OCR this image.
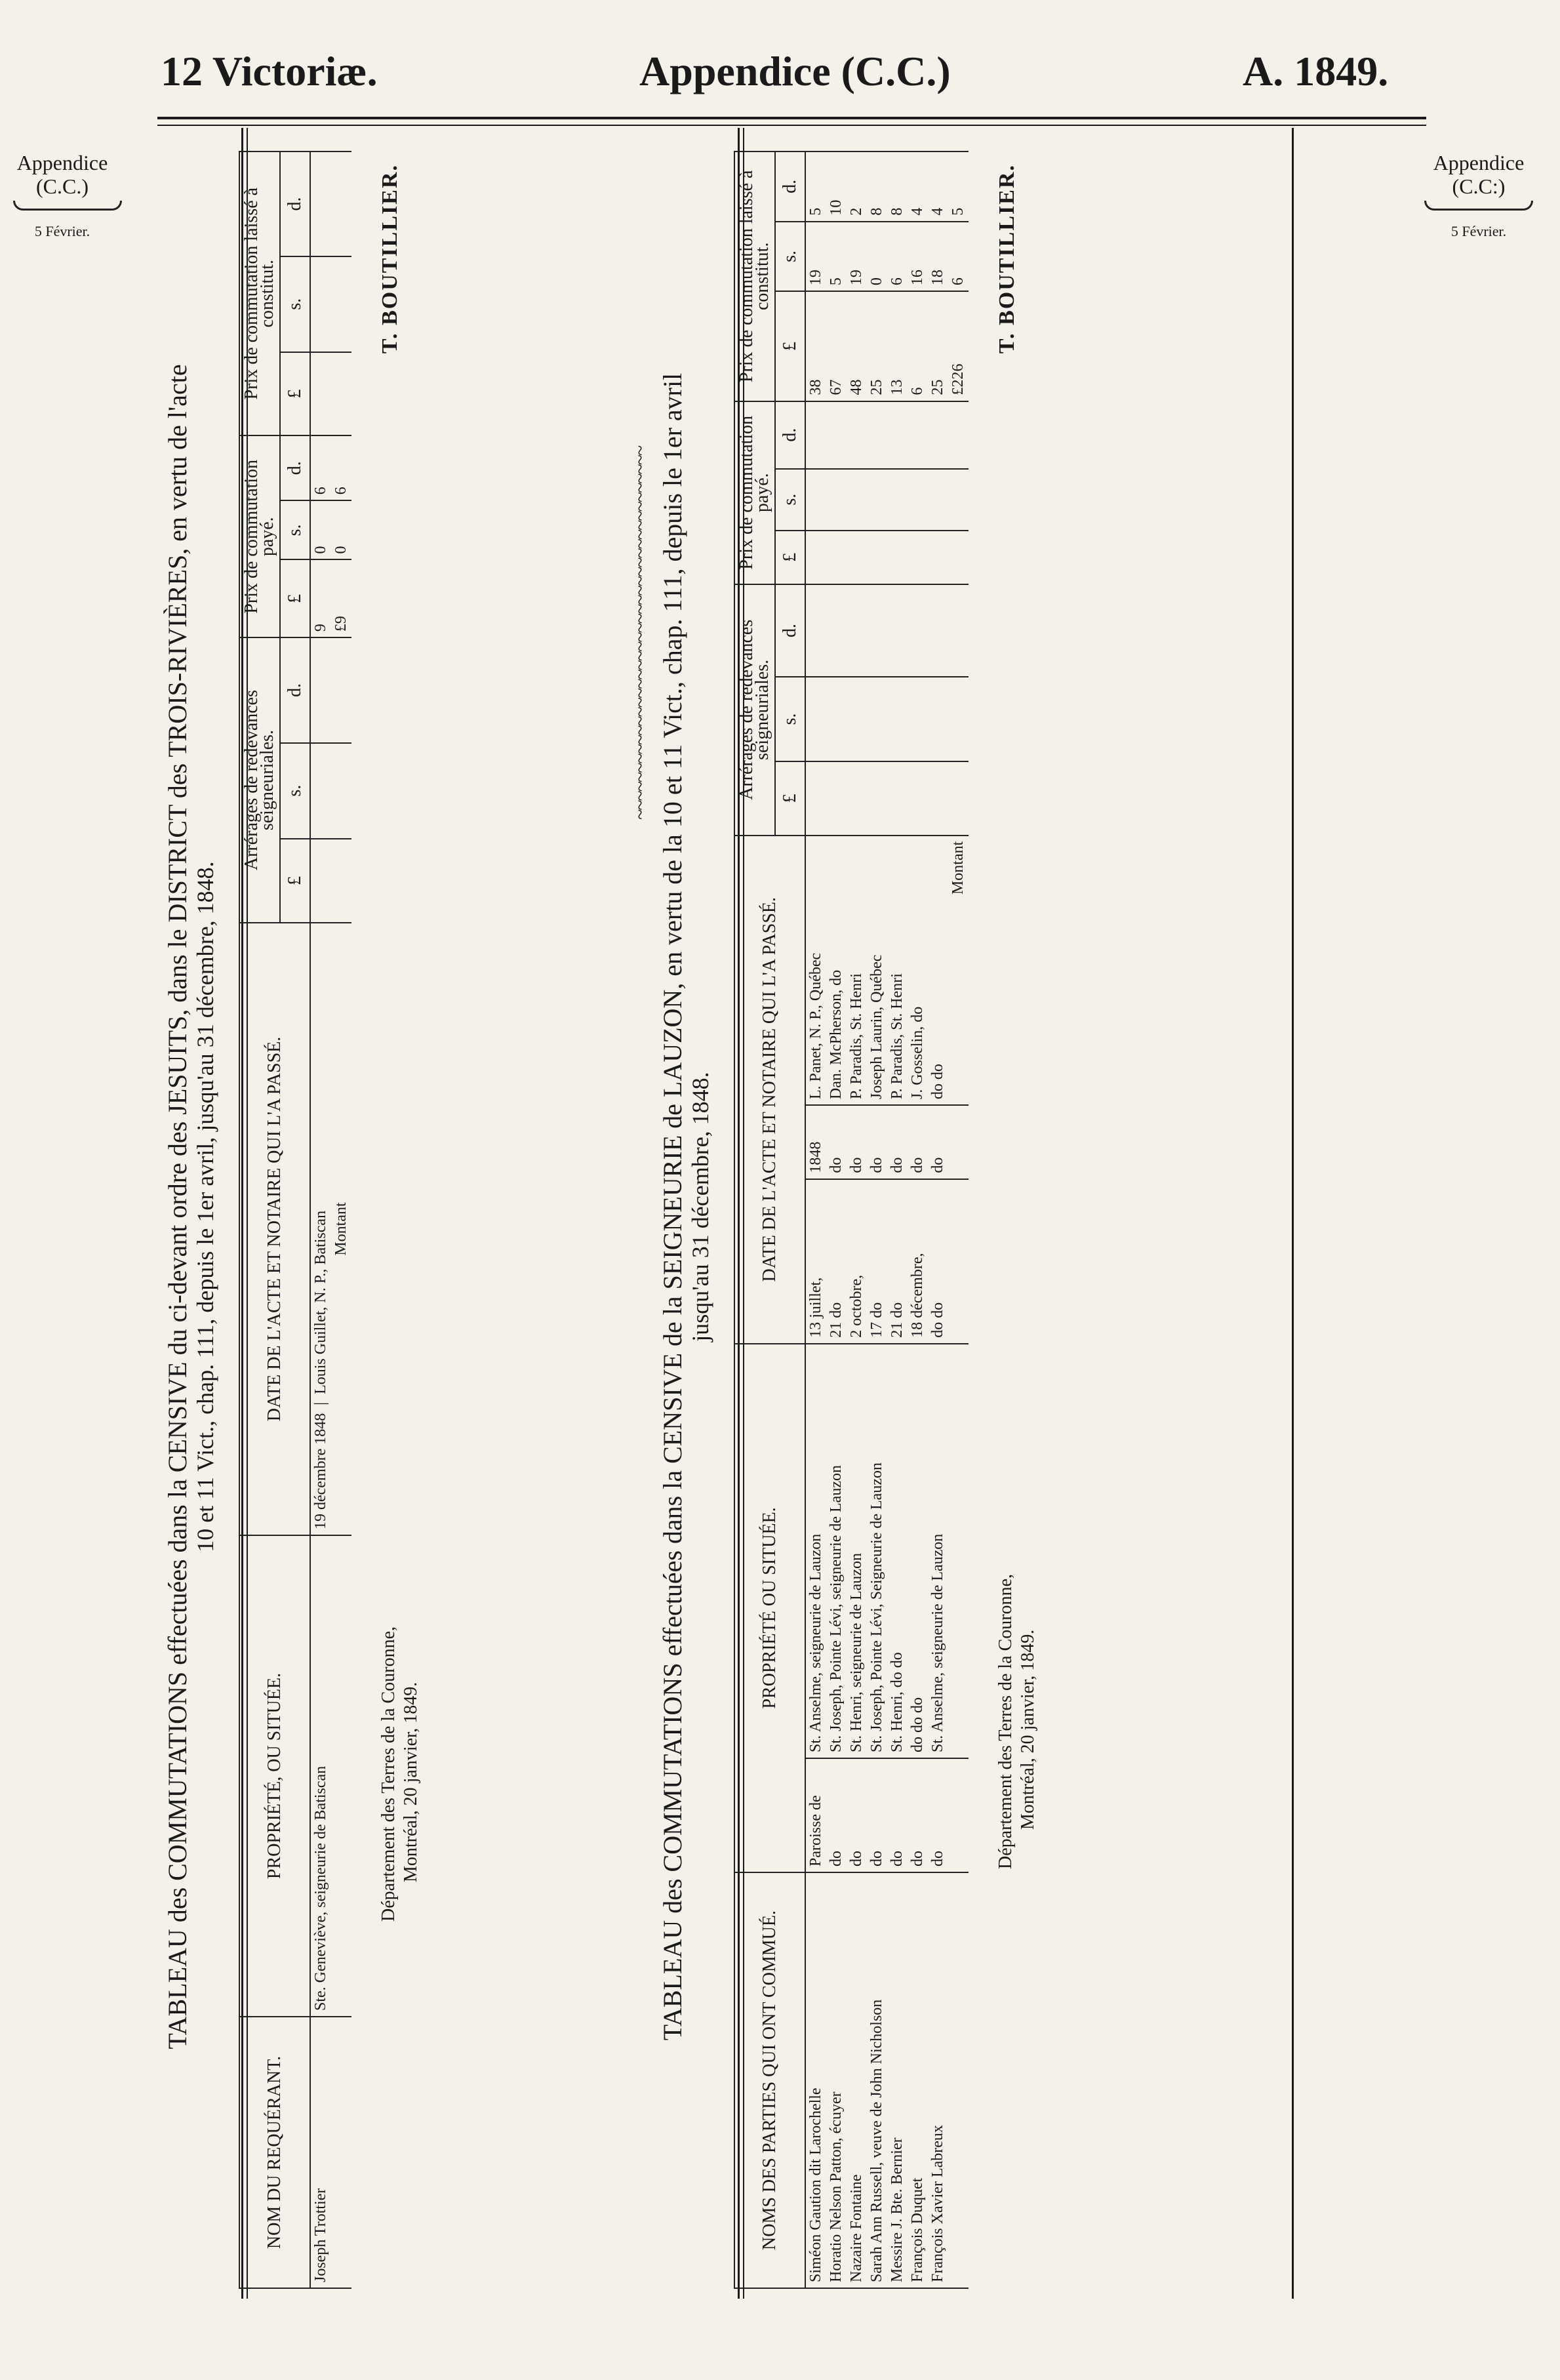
12 Victoriæ.	Appendice (C.C.)	A. 1849.
Appendice
(C.C.)
5 Février.
Appendice
(C.C:)
5 Février.
TABLEAU des COMMUTATIONS effectuées dans la CENSIVE du ci-devant ordre des JESUITS, dans le DISTRICT des TROIS-RIVIÈRES, en vertu de l'acte 10 et 11 Vict., chap. 111, depuis le 1er avril, jusqu'au 31 décembre, 1848.
NOM DU REQUÉRANT.	PROPRIÉTÉ, OU SITUÉE.	DATE DE L'ACTE ET NOTAIRE QUI L'A PASSÉ.	Arrérages de redevances seigneuriales.			Prix de commutation payé.			Prix de commutation laissé à constitut.		
			£	s.	d.	£	s.	d.	£	s.	d.
Joseph Trottier	Ste. Geneviève, seigneurie de Batiscan	19 décembre 1848  |  Louis Guillet, N. P., Batiscan				9	0	6			
		Montant				£9	0	6			
Département des Terres de la Couronne, Montréal, 20 janvier, 1849.
T. BOUTILLIER.
~~~~~~~~~~~~~~~~~~~~~~~~~~~~~~~~~~~~~~~~ TABLEAU des COMMUTATIONS effectuées dans la CENSIVE de la SEIGNEURIE de LAUZON, en vertu de la 10 et 11 Vict., chap. 111, depuis le 1er avril jusqu'au 31 décembre, 1848.
NOMS DES PARTIES QUI ONT COMMUÉ.	PROPRIÉTÉ OU SITUÉE.		DATE DE L'ACTE ET NOTAIRE QUI L'A PASSÉ.			Arrérages de redevances seigneuriales.			Prix de commutation payé.			Prix de commutation laissé à constitut.		
						£	s.	d.	£	s.	d.	£	s.	d.
Siméon Gaution dit Larochelle	Paroisse de	St. Anselme, seigneurie de Lauzon	13 juillet,	1848	L. Panet, N. P., Québec							38	19	5
Horatio Nelson Patton, écuyer	do	St. Joseph, Pointe Lévi, seigneurie de Lauzon	21 do	do	Dan. McPherson, do							67	5	10
Nazaire Fontaine	do	St. Henri, seigneurie de Lauzon	2 octobre,	do	P. Paradis, St. Henri							48	19	2
Sarah Ann Russell, veuve de John Nicholson	do	St. Joseph, Pointe Lévi, Seigneurie de Lauzon	17 do	do	Joseph Laurin, Québec							25	0	8
Messire J. Bte. Bernier	do	St. Henri, do do	21 do	do	P. Paradis, St. Henri							13	6	8
François Duquet	do	do do do	18 décembre,	do	J. Gosselin, do							6	16	4
François Xavier Labreux	do	St. Anselme, seigneurie de Lauzon	do do	do	do do							25	18	4
					Montant							£226	6	5
Département des Terres de la Couronne, Montréal, 20 janvier, 1849.
T. BOUTILLIER.
